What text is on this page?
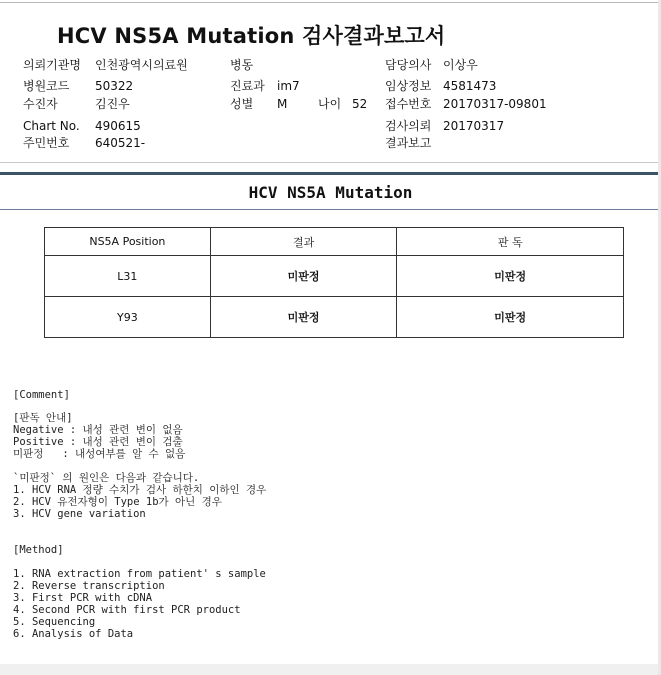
HCV NS5A Mutation 검사결과보고서
의뢰기관명 인천광역시의료원	병동	담당의사 이상우
병원코드 50322	진료과 im7	임상정보 4581473
수진자	김진우	성별 M	나이 52 접수번호 20170317-09801
Chart No. 490615	검사의뢰 20170317
주민번호 640521-	결과보고
HCV NS5A Mutation
NS5A Position	결과	판 독
L31	미판정	미판정
Y93	미판정	미판정
[Comment]
[판독 안내]
Negative : 내성 관련 변이 없음
Positive : 내성 관련 변이 검출
미판정   : 내성여부를 알 수 없음
`미판정` 의 원인은 다음과 같습니다.
1. HCV RNA 정량 수치가 검사 하한치 이하인 경우
2. HCV 유전자형이 Type 1b가 아닌 경우
3. HCV gene variation
[Method]
1. RNA extraction from patient' s sample
2. Reverse transcription
3. First PCR with cDNA
4. Second PCR with first PCR product
5. Sequencing
6. Analysis of Data
